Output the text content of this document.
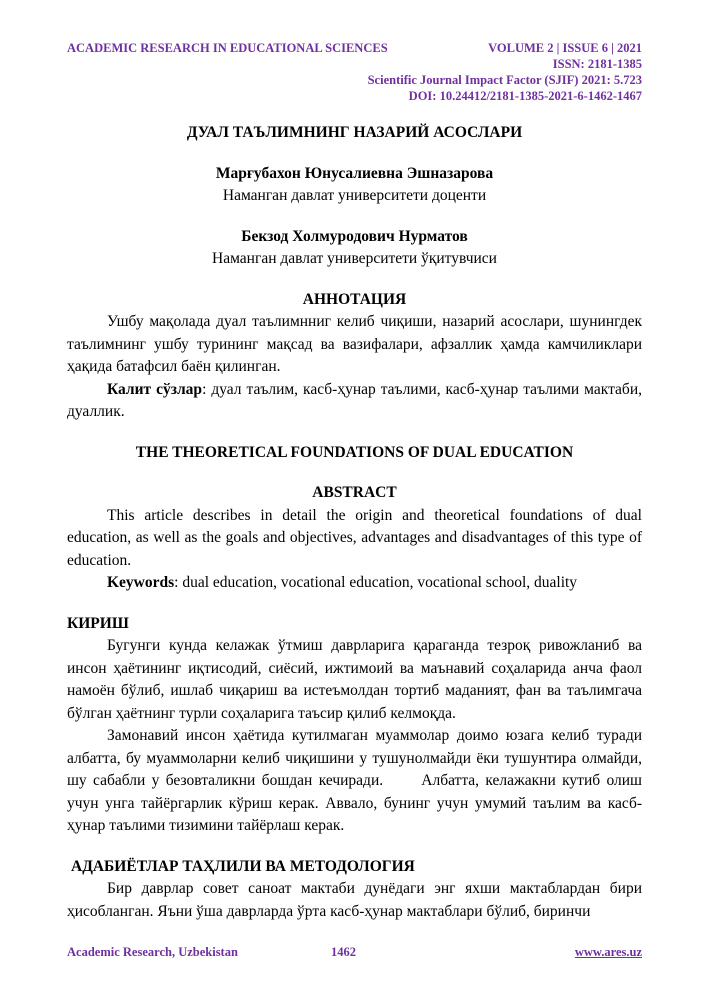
ACADEMIC RESEARCH IN EDUCATIONAL SCIENCES	VOLUME 2 | ISSUE 6 | 2021
ISSN: 2181-1385
Scientific Journal Impact Factor (SJIF) 2021: 5.723
DOI: 10.24412/2181-1385-2021-6-1462-1467

ДУАЛ ТАЪЛИМНИНГ НАЗАРИЙ АСОСЛАРИ

Марғубахон Юнусалиевна Эшназарова

Наманган давлат университети доценти

Бекзод Холмуродович Нурматов

Наманган давлат университети ўқитувчиси

АННОТАЦИЯ

Ушбу мақолада дуал таълимнниг келиб чиқиши, назарий асослари, шунингдек таълимнинг ушбу турининг мақсад ва вазифалари, афзаллик ҳамда камчиликлари ҳақида батафсил баён қилинган.

Калит сўзлар: дуал таълим, касб-ҳунар таълими, касб-ҳунар таълими мактаби, дуаллик.

THE THEORETICAL FOUNDATIONS OF DUAL EDUCATION

ABSTRACT

This article describes in detail the origin and theoretical foundations of dual education, as well as the goals and objectives, advantages and disadvantages of this type of education.

Keywords: dual education, vocational education, vocational school, duality

КИРИШ

Бугунги кунда келажак ўтмиш даврларига қараганда тезроқ ривожланиб ва инсон ҳаётининг иқтисодий, сиёсий, ижтимоий ва маънавий соҳаларида анча фаол намоён бўлиб, ишлаб чиқариш ва истеъмолдан тортиб маданият, фан ва таълимгача бўлган ҳаётнинг турли соҳаларига таъсир қилиб келмоқда.

Замонавий инсон ҳаётида кутилмаган муаммолар доимо юзага келиб туради албатта, бу муаммоларни келиб чиқишини у тушунолмайди ёки тушунтира олмайди, шу сабабли у безовталикни бошдан кечиради.      Албатта, келажакни кутиб олиш учун унга тайёргарлик кўриш керак. Аввало, бунинг учун умумий таълим ва касб-ҳунар таълими тизимини тайёрлаш керак.

АДАБИЁТЛАР ТАҲЛИЛИ ВА МЕТОДОЛОГИЯ

Бир даврлар совет саноат мактаби дунёдаги энг яхши мактаблардан бири ҳисобланган. Яъни ўша даврларда ўрта касб-ҳунар мактаблари бўлиб, биринчи

Academic Research, Uzbekistan	1462	www.ares.uz
